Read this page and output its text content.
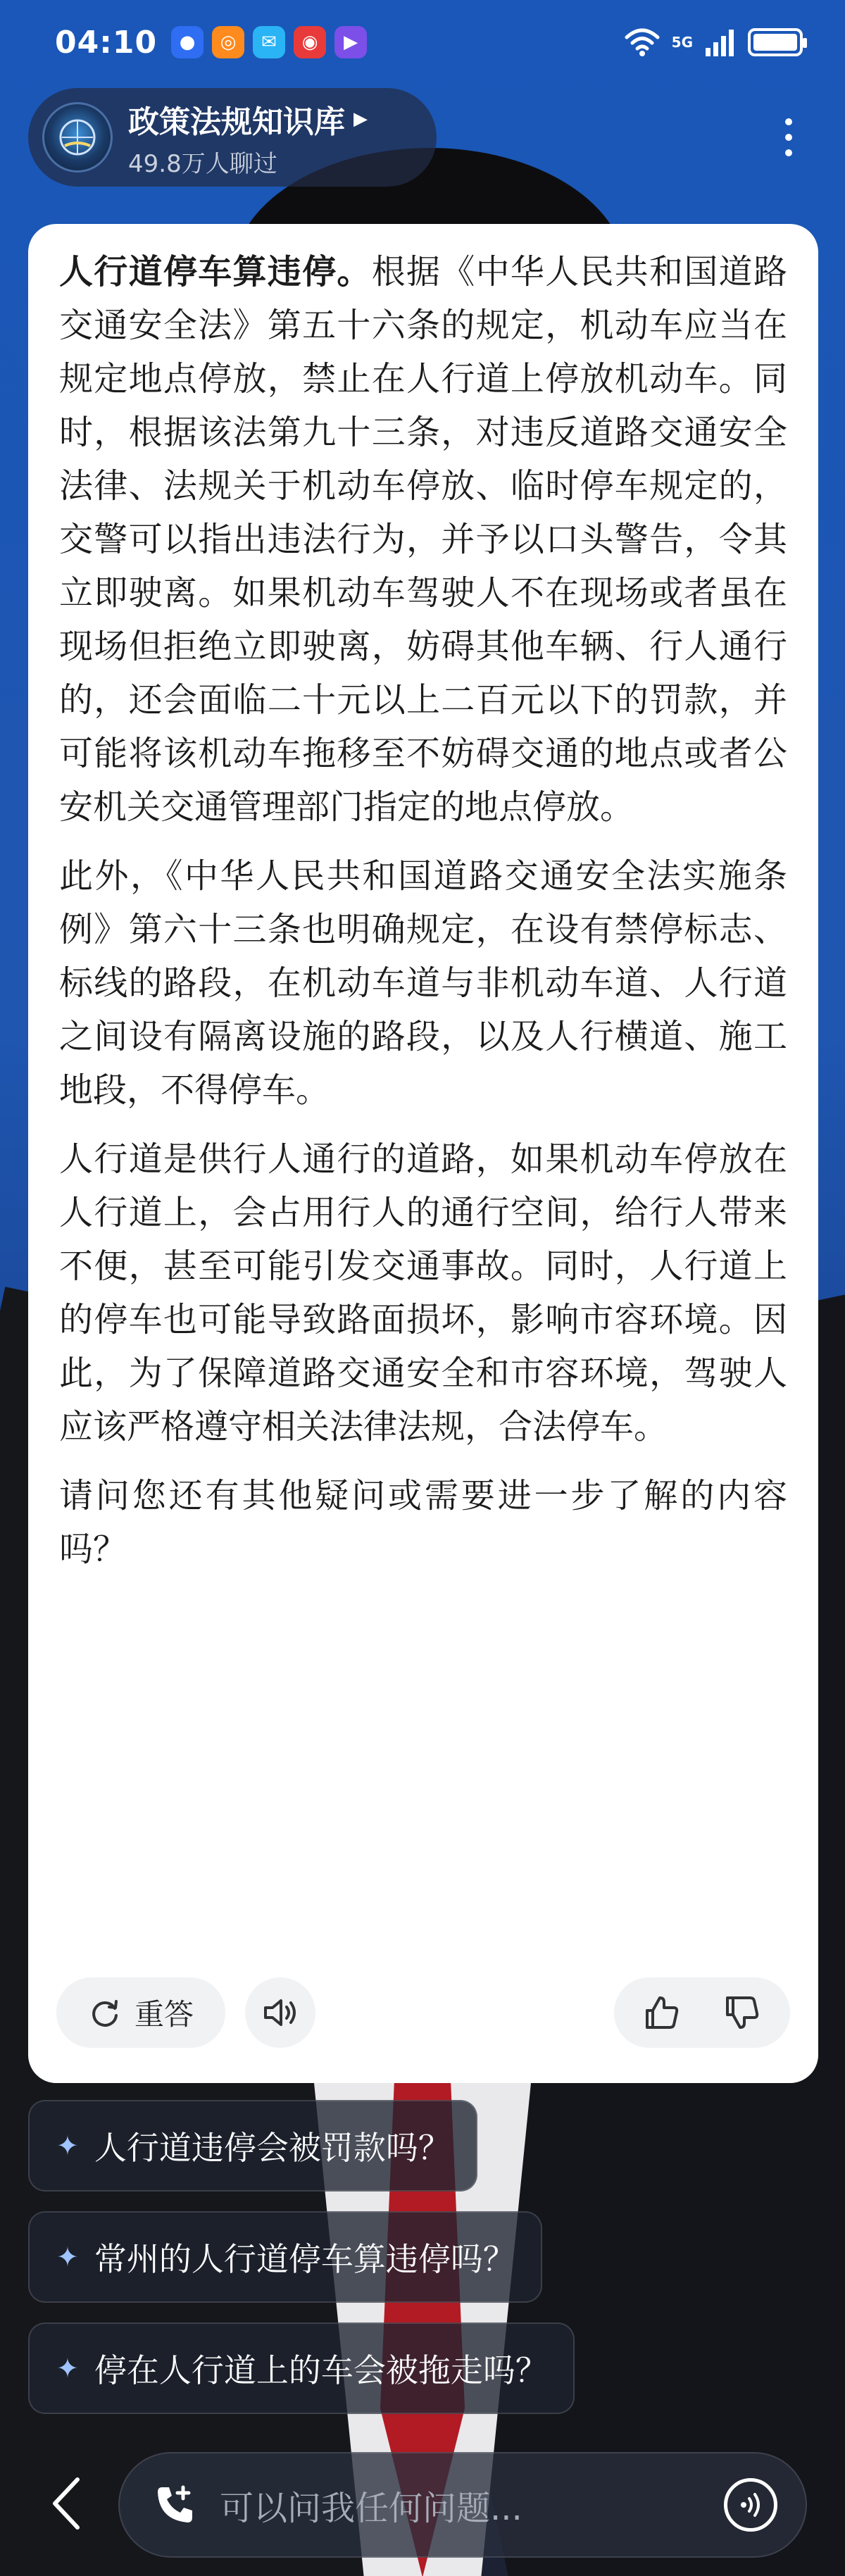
04:10	●	◎	✉	◉	▶	5G
政策法规知识库 ▶
49.8万人聊过

人行道停车算违停。根据《中华人民共和国道路交通安全法》第五十六条的规定，机动车应当在规定地点停放，禁止在人行道上停放机动车。同时，根据该法第九十三条，对违反道路交通安全法律、法规关于机动车停放、临时停车规定的，交警可以指出违法行为，并予以口头警告，令其立即驶离。如果机动车驾驶人不在现场或者虽在现场但拒绝立即驶离，妨碍其他车辆、行人通行的，还会面临二十元以上二百元以下的罚款，并可能将该机动车拖移至不妨碍交通的地点或者公安机关交通管理部门指定的地点停放。

此外，《中华人民共和国道路交通安全法实施条例》第六十三条也明确规定，在设有禁停标志、标线的路段，在机动车道与非机动车道、人行道之间设有隔离设施的路段，以及人行横道、施工地段，不得停车。

人行道是供行人通行的道路，如果机动车停放在人行道上，会占用行人的通行空间，给行人带来不便，甚至可能引发交通事故。同时，人行道上的停车也可能导致路面损坏，影响市容环境。因此，为了保障道路交通安全和市容环境，驾驶人应该严格遵守相关法律法规，合法停车。

请问您还有其他疑问或需要进一步了解的内容吗？

重答
✦ 人行道违停会被罚款吗？
✦ 常州的人行道停车算违停吗？
✦ 停在人行道上的车会被拖走吗？
可以问我任何问题...
